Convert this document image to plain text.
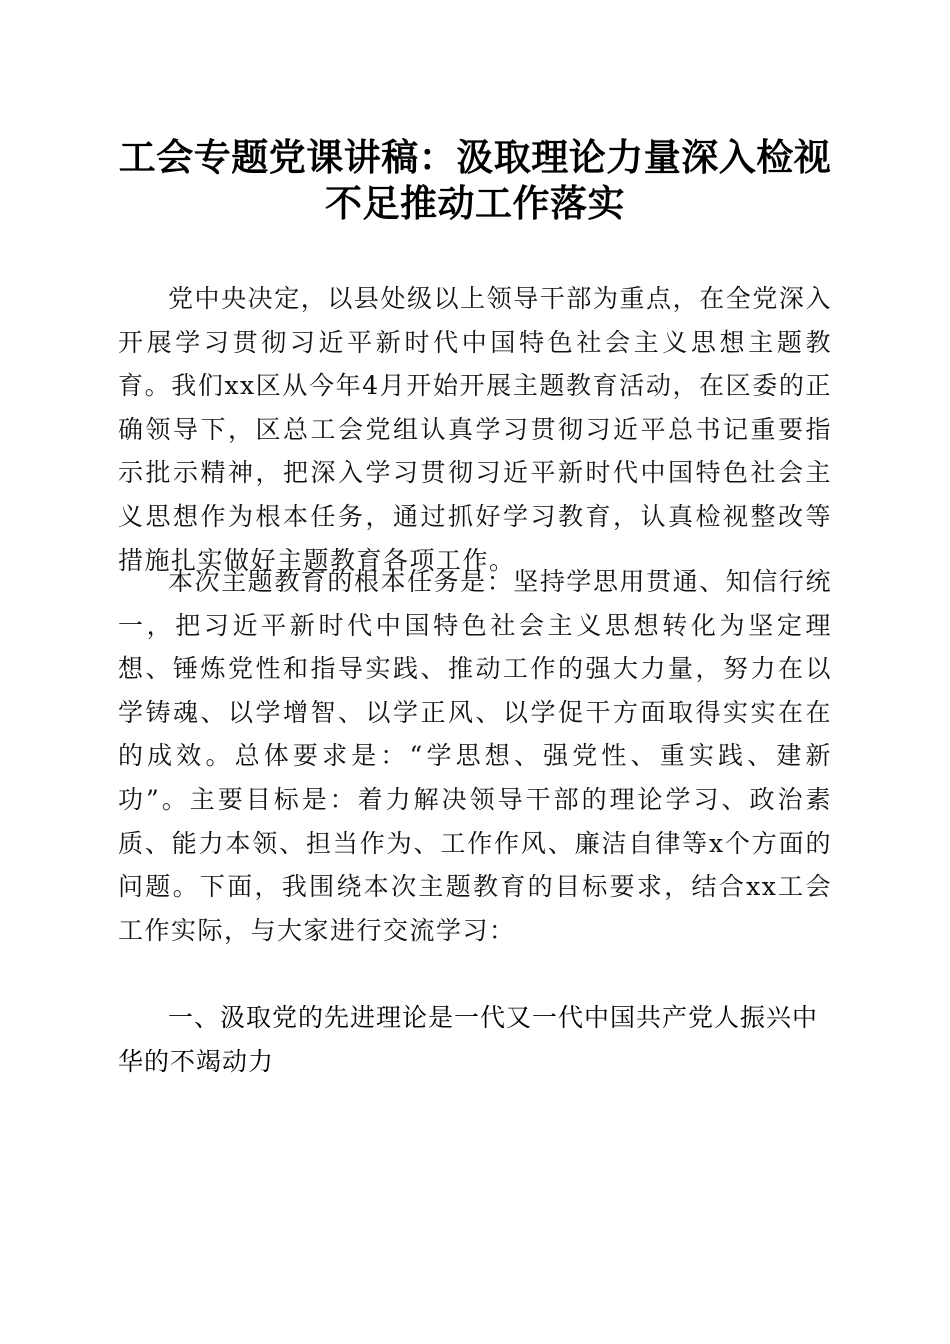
工会专题党课讲稿：汲取理论力量深入检视不足推动工作落实

党中央决定，以县处级以上领导干部为重点，在全党深入开展学习贯彻习近平新时代中国特色社会主义思想主题教育。我们xx区从今年4月开始开展主题教育活动，在区委的正确领导下，区总工会党组认真学习贯彻习近平总书记重要指示批示精神，把深入学习贯彻习近平新时代中国特色社会主义思想作为根本任务，通过抓好学习教育，认真检视整改等措施扎实做好主题教育各项工作。

本次主题教育的根本任务是：坚持学思用贯通、知信行统一，把习近平新时代中国特色社会主义思想转化为坚定理想、锤炼党性和指导实践、推动工作的强大力量，努力在以学铸魂、以学增智、以学正风、以学促干方面取得实实在在的成效。总体要求是：“学思想、强党性、重实践、建新功”。主要目标是：着力解决领导干部的理论学习、政治素质、能力本领、担当作为、工作作风、廉洁自律等x个方面的问题。下面，我围绕本次主题教育的目标要求，结合xx工会工作实际，与大家进行交流学习：

一、汲取党的先进理论是一代又一代中国共产党人振兴中华的不竭动力
